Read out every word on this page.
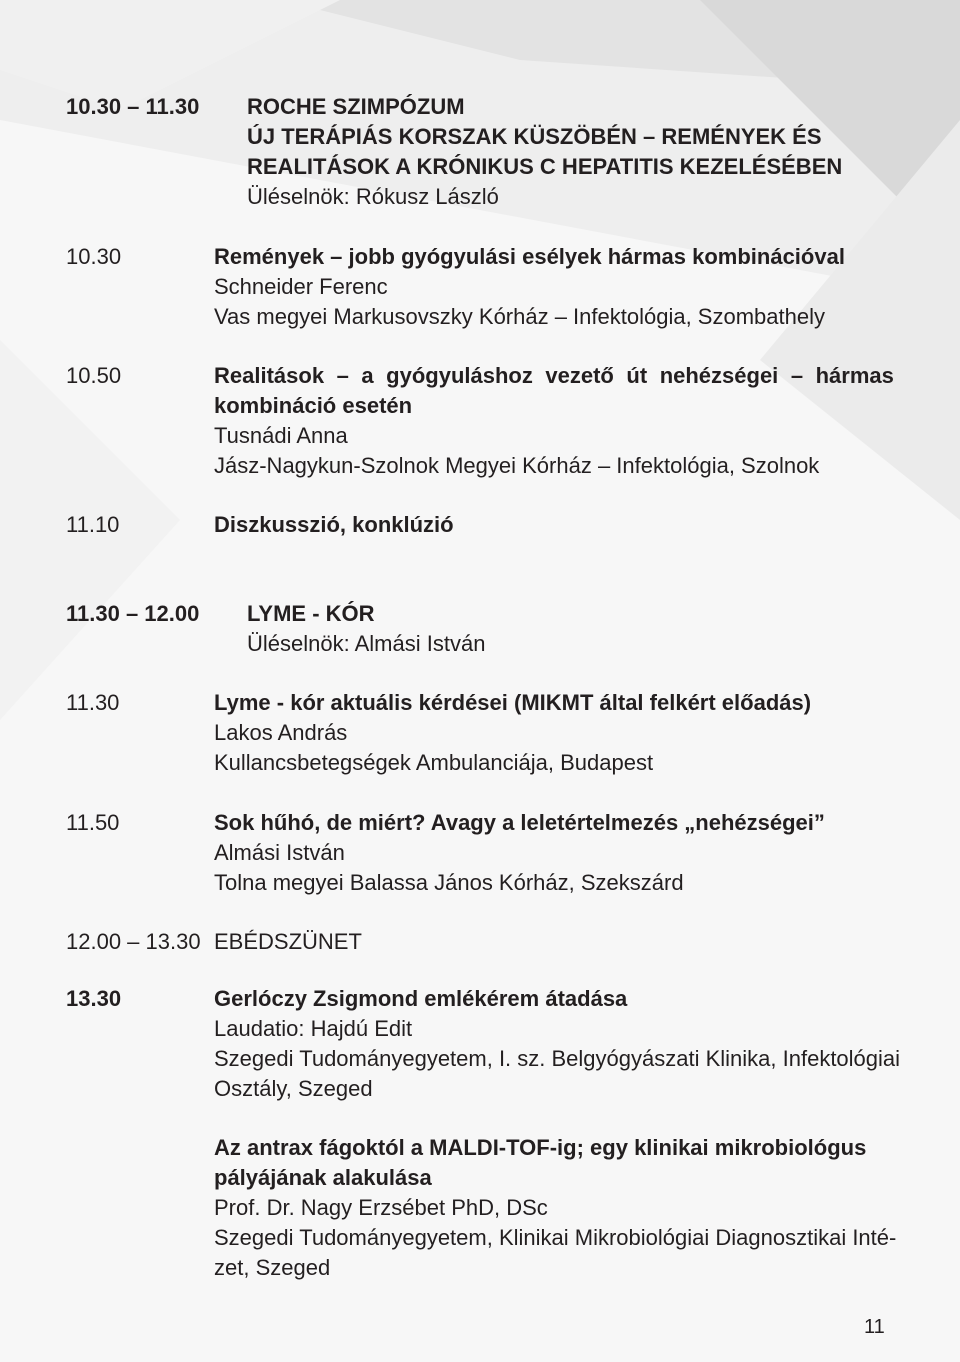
10.30 – 11.30 ROCHE SZIMPÓZUM
ÚJ TERÁPIÁS KORSZAK KÜSZÖBÉN – REMÉNYEK ÉS
REALITÁSOK A KRÓNIKUS C HEPATITIS KEZELÉSÉBEN
Üléselnök: Rókusz László
10.30	Remények – jobb gyógyulási esélyek hármas kombinációval
Schneider Ferenc
Vas megyei Markusovszky Kórház – Infektológia, Szombathely
10.50	Realitások – a gyógyuláshoz vezető út nehézségei – hármas
kombináció esetén
Tusnádi Anna
Jász-Nagykun-Szolnok Megyei Kórház – Infektológia, Szolnok
11.10	Diszkusszió, konklúzió
11.30 – 12.00 LYME - KÓR
Üléselnök: Almási István
11.30	Lyme - kór aktuális kérdései (MIKMT által felkért előadás)
Lakos András
Kullancsbetegségek Ambulanciája, Budapest
11.50	Sok hűhó, de miért? Avagy a leletértelmezés „nehézségei”
Almási István
Tolna megyei Balassa János Kórház, Szekszárd
12.00 – 13.30 EBÉDSZÜNET
13.30	Gerlóczy Zsigmond emlékérem átadása
Laudatio: Hajdú Edit
Szegedi Tudományegyetem, I. sz. Belgyógyászati Klinika, Infektológiai
Osztály, Szeged
Az antrax fágoktól a MALDI-TOF-ig; egy klinikai mikrobiológus
pályájának alakulása
Prof. Dr. Nagy Erzsébet PhD, DSc
Szegedi Tudományegyetem, Klinikai Mikrobiológiai Diagnosztikai Inté-
zet, Szeged
11
